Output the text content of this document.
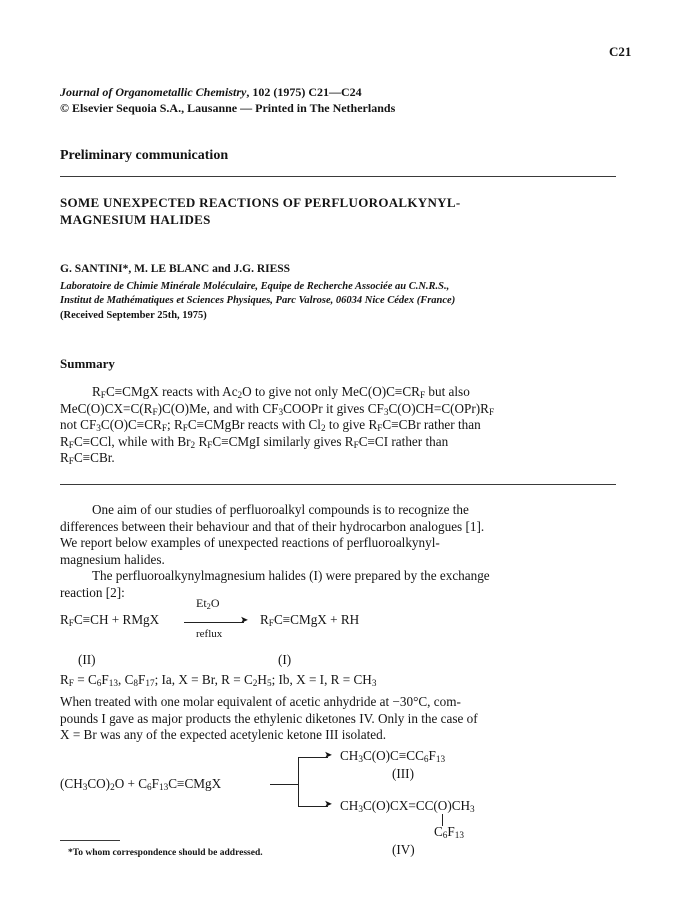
C21
Journal of Organometallic Chemistry, 102 (1975) C21—C24
© Elsevier Sequoia S.A., Lausanne — Printed in The Netherlands
Preliminary communication
SOME UNEXPECTED REACTIONS OF PERFLUOROALKYNYL-
MAGNESIUM HALIDES
G. SANTINI*, M. LE BLANC and J.G. RIESS
Laboratoire de Chimie Minérale Moléculaire, Equipe de Recherche Associée au C.N.R.S.,
Institut de Mathématiques et Sciences Physiques, Parc Valrose, 06034 Nice Cédex (France)
(Received September 25th, 1975)
Summary

$R_FC\equiv CMgX$ reacts with $Ac_2O$ to give not only $MeC(O)C\equiv CR_F$ but also

$MeC(O)CX=C(R_F)C(O)Me$, and with $CF_3COOPr$ it gives $CF_3C(O)CH=C(OPr)R_F$

not $CF_3C(O)C\equiv CR_F$; $R_FC\equiv CMgBr$ reacts with $Cl_2$ to give $R_FC\equiv CBr$ rather than

$R_FC\equiv CCl$, while with $Br_2$ $R_FC\equiv CMgI$ similarly gives $R_FC\equiv CI$ rather than

$R_FC\equiv CBr$.

One aim of our studies of perfluoroalkyl compounds is to recognize the
differences between their behaviour and that of their hydrocarbon analogues [1].
We report below examples of unexpected reactions of perfluoroalkynyl-
magnesium halides.
The perfluoroalkynylmagnesium halides (I) were prepared by the exchange
reaction [2]:
$R_FC\equiv CH$ + RMgX
$Et_2O$
➤
reflux
$R_FC\equiv CMgX$ + RH
(II)	(I)
$R_F = C_6F_{13}$, $C_8F_{17}$; Ia, X = Br, $R = C_2H_5$; Ib, X = I, $R = CH_3$
When treated with one molar equivalent of acetic anhydride at −30°C, com-
pounds I gave as major products the ethylenic diketones IV. Only in the case of
X = Br was any of the expected acetylenic ketone III isolated.
$(CH_3CO)_2O$ + $C_6F_{13}C\equiv CMgX$
➤
➤
$CH_3C(O)C\equiv CC_6F_{13}$
(III)
$CH_3C(O)CX=CC(O)CH_3$
$C_6F_{13}$
(IV)
*To whom correspondence should be addressed.
